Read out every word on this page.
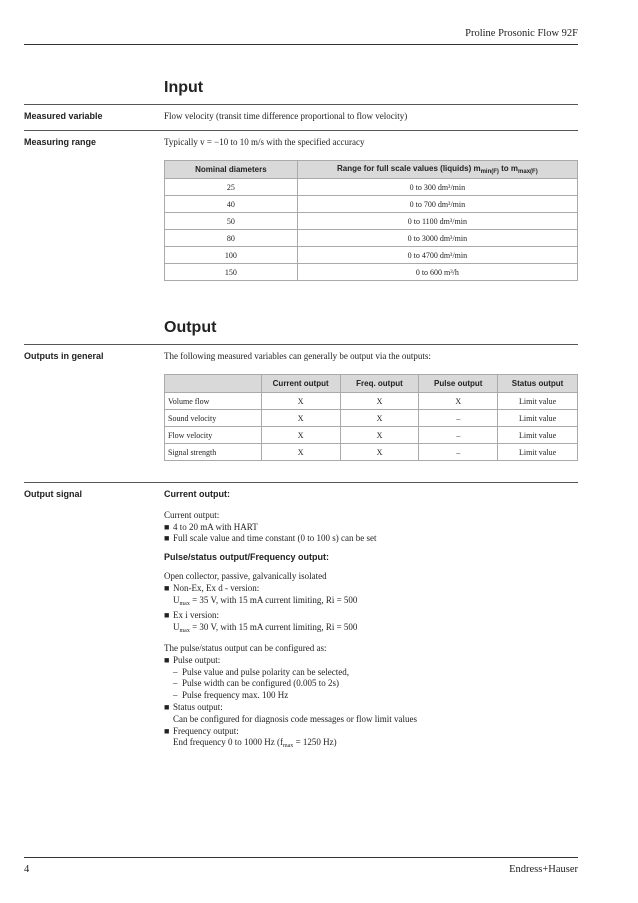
Proline Prosonic Flow 92F
Input
Measured variable	Flow velocity (transit time difference proportional to flow velocity)
Measuring range	Typically v = −10 to 10 m/s with the specified accuracy
Nominal diameters	Range for full scale values (liquids) $m_{min(F)}$ to $m_{max(F)}$
25	0 to 300 dm³/min
40	0 to 700 dm³/min
50	0 to 1100 dm³/min
80	0 to 3000 dm³/min
100	0 to 4700 dm³/min
150	0 to 600 m³/h
Output
Outputs in general	The following measured variables can generally be output via the outputs:
	Current output	Freq. output	Pulse output	Status output
Volume flow	X	X	X	Limit value
Sound velocity	X	X	–	Limit value
Flow velocity	X	X	–	Limit value
Signal strength	X	X	–	Limit value
Output signal	Current output:
Current output:
■ 4 to 20 mA with HART
■ Full scale value and time constant (0 to 100 s) can be set
Pulse/status output/Frequency output:
Open collector, passive, galvanically isolated
■ Non-Ex, Ex d - version:
$U_{max} = 35$ V, with 15 mA current limiting, Ri = 500
■ Ex i version:
$U_{max} = 30$ V, with 15 mA current limiting, Ri = 500
The pulse/status output can be configured as:
■ Pulse output:
– Pulse value and pulse polarity can be selected,
– Pulse width can be configured (0.005 to 2s)
– Pulse frequency max. 100 Hz
■ Status output:
Can be configured for diagnosis code messages or flow limit values
■ Frequency output:
End frequency 0 to 1000 Hz ($f_{max} = 1250$ Hz)
4	Endress+Hauser
